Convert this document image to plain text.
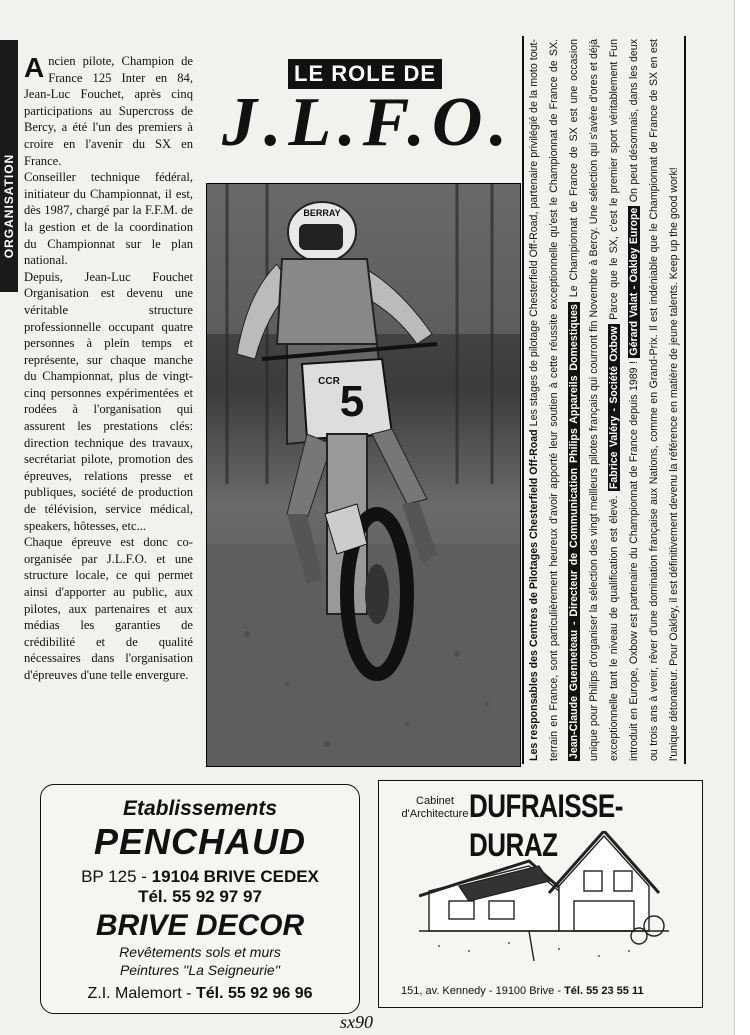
ORGANISATION

Ancien pilote, Champion de France 125 Inter en 84, Jean-Luc Fouchet, après cinq participations au Supercross de Bercy, a été l'un des premiers à croire en l'avenir du SX en France.

Conseiller technique fédéral, initiateur du Championnat, il est, dès 1987, chargé par la F.F.M. de la gestion et de la coordination du Championnat sur le plan national.

Depuis, Jean-Luc Fouchet Organisation est devenu une véritable structure professionnelle occupant quatre personnes à plein temps et représente, sur chaque manche du Championnat, plus de vingt-cinq personnes expérimentées et rodées à l'organisation qui assurent les prestations clés: direction technique des travaux, secrétariat pilote, promotion des épreuves, relations presse et publiques, société de production de télévision, service médical, speakers, hôtesses, etc...

Chaque épreuve est donc co-organisée par J.L.F.O. et une structure locale, ce qui permet ainsi d'apporter au public, aux pilotes, aux partenaires et aux médias les garanties de crédibilité et de qualité nécessaires dans l'organisation d'épreuves d'une telle envergure.

LE ROLE DE
J.L.F.O.
5
BERRAY
CCR
Les responsables des Centres de Pilotages Chesterfield Off-Road Les stages de pilotage Chesterfield Off-Road, partenaire privilégié de la moto tout-terrain en France, sont particulièrement heureux d'avoir apporté leur soutien à cette réussite exceptionnelle qu'est le Championnat de France de SX. Jean-Claude Guenneteau - Directeur de Communication Philips Appareils Domestiques Le Championnat de France de SX est une occasion unique pour Philips d'organiser la sélection des vingt meilleurs pilotes français qui courront fin Novembre à Bercy. Une sélection qui s'avère d'ores et déjà exceptionnelle tant le niveau de qualification est élevé. Fabrice Valéry - Société Oxbow Parce que le SX, c'est le premier sport véritablement Fun introduit en Europe, Oxbow est partenaire du Championnat de France depuis 1989 ! Gérard Valat - Oakley Europe On peut désormais, dans les deux ou trois ans à venir, rêver d'une domination française aux Nations, comme en Grand-Prix. Il est indéniable que le Championnat de France de SX en est l'unique détonateur. Pour Oakley, il est définitivement devenu la référence en matière de jeune talents. Keep up the good work!
Etablissements
PENCHAUD
BP 125 - 19104 BRIVE CEDEX
Tél. 55 92 97 97
BRIVE DECOR
Revêtements sols et murs
Peintures ''La Seigneurie''
Z.I. Malemort - Tél. 55 92 96 96
Cabinet d'Architecture DUFRAISSE-DURAZ
151, av. Kennedy - 19100 Brive - Tél. 55 23 55 11
sx90
